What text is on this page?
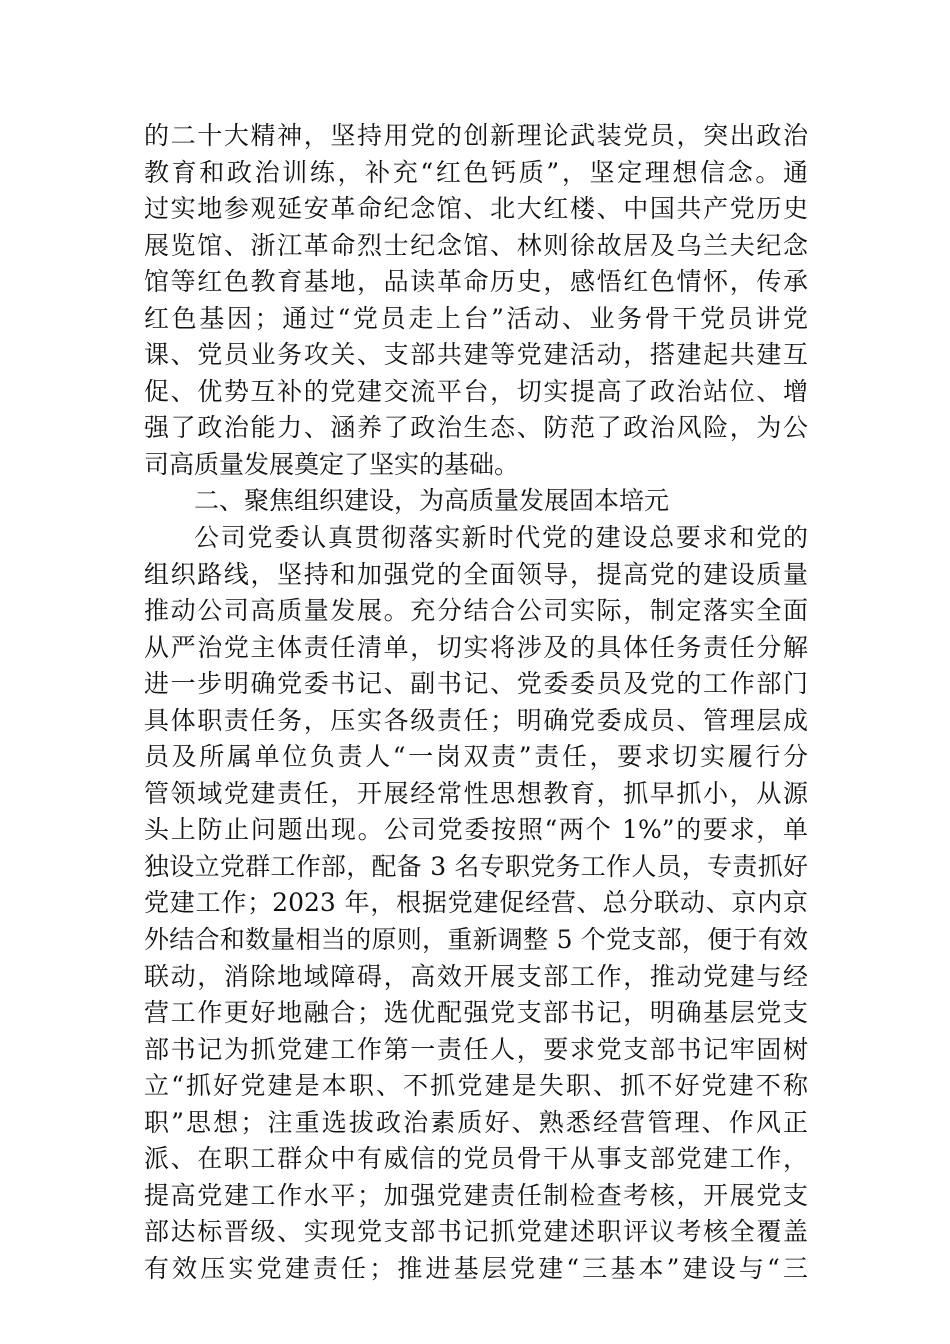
的二十大精神，坚持用党的创新理论武装党员，突出政治
教育和政治训练，补充“红色钙质”，坚定理想信念。通
过实地参观延安革命纪念馆、北大红楼、中国共产党历史
展览馆、浙江革命烈士纪念馆、林则徐故居及乌兰夫纪念
馆等红色教育基地，品读革命历史，感悟红色情怀，传承
红色基因；通过“党员走上台”活动、业务骨干党员讲党
课、党员业务攻关、支部共建等党建活动，搭建起共建互
促、优势互补的党建交流平台，切实提高了政治站位、增
强了政治能力、涵养了政治生态、防范了政治风险，为公
司高质量发展奠定了坚实的基础。
二、聚焦组织建设，为高质量发展固本培元
公司党委认真贯彻落实新时代党的建设总要求和党的
组织路线，坚持和加强党的全面领导，提高党的建设质量
推动公司高质量发展。充分结合公司实际，制定落实全面
从严治党主体责任清单，切实将涉及的具体任务责任分解
进一步明确党委书记、副书记、党委委员及党的工作部门
具体职责任务，压实各级责任；明确党委成员、管理层成
员及所属单位负责人“一岗双责”责任，要求切实履行分
管领域党建责任，开展经常性思想教育，抓早抓小，从源
头上防止问题出现。公司党委按照“两个 1%”的要求，单
独设立党群工作部，配备 3 名专职党务工作人员，专责抓好
党建工作；2023 年，根据党建促经营、总分联动、京内京
外结合和数量相当的原则，重新调整 5 个党支部，便于有效
联动，消除地域障碍，高效开展支部工作，推动党建与经
营工作更好地融合；选优配强党支部书记，明确基层党支
部书记为抓党建工作第一责任人，要求党支部书记牢固树
立“抓好党建是本职、不抓党建是失职、抓不好党建不称
职”思想；注重选拔政治素质好、熟悉经营管理、作风正
派、在职工群众中有威信的党员骨干从事支部党建工作，
提高党建工作水平；加强党建责任制检查考核，开展党支
部达标晋级、实现党支部书记抓党建述职评议考核全覆盖
有效压实党建责任；推进基层党建“三基本”建设与“三
